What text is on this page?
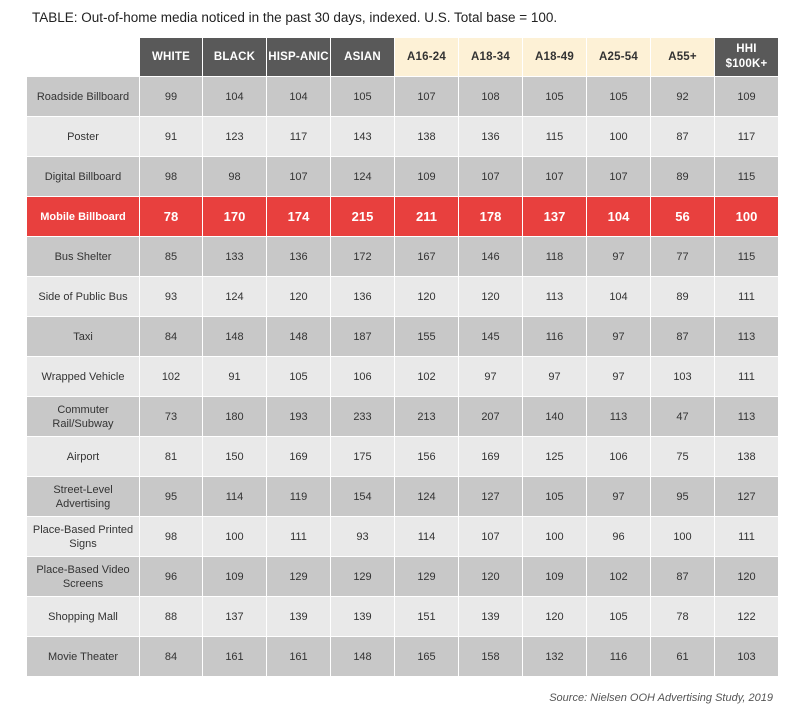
TABLE: Out-of-home media noticed in the past 30 days, indexed. U.S. Total base = 100.
	WHITE	BLACK	HISP-ANIC	ASIAN	A16-24	A18-34	A18-49	A25-54	A55+	HHI $100K+
Roadside Billboard	99	104	104	105	107	108	105	105	92	109
Poster	91	123	117	143	138	136	115	100	87	117
Digital Billboard	98	98	107	124	109	107	107	107	89	115
Mobile Billboard	78	170	174	215	211	178	137	104	56	100
Bus Shelter	85	133	136	172	167	146	118	97	77	115
Side of Public Bus	93	124	120	136	120	120	113	104	89	111
Taxi	84	148	148	187	155	145	116	97	87	113
Wrapped Vehicle	102	91	105	106	102	97	97	97	103	111
Commuter Rail/Subway	73	180	193	233	213	207	140	113	47	113
Airport	81	150	169	175	156	169	125	106	75	138
Street-Level Advertising	95	114	119	154	124	127	105	97	95	127
Place-Based Printed Signs	98	100	111	93	114	107	100	96	100	111
Place-Based Video Screens	96	109	129	129	129	120	109	102	87	120
Shopping Mall	88	137	139	139	151	139	120	105	78	122
Movie Theater	84	161	161	148	165	158	132	116	61	103
Source: Nielsen OOH Advertising Study, 2019
